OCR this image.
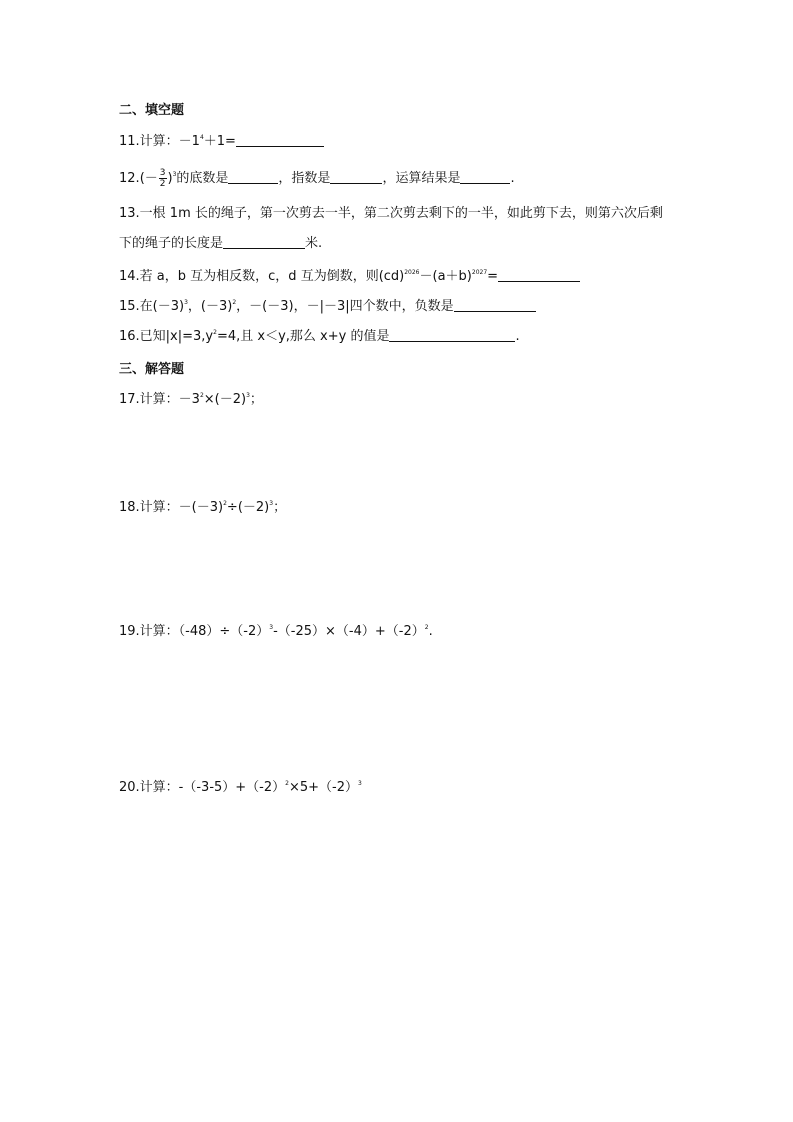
二、填空题
11.计算：$-1^4+1=$
$12.(- \frac{3}{2} )^3$的底数是	，指数是	，运算结果是	.
13.一根 1m 长的绳子，第一次剪去一半，第二次剪去剩下的一半，如此剪下去，则第六次后剩
下的绳子的长度是	米.
14.若 a，b 互为相反数，c，d 互为倒数，则$(cd)^{2026}-(a+b)^{2027}=$
15.在$(-3)^3$，$(-3)^2$，－(－3)，－|－3|四个数中，负数是
16.已知$|x|=3,y^2=4$,且 x＜y,那么 x+y 的值是	.
三、解答题
17.计算：$-3^2\times(-2)^3$；
18.计算：$-(-3)^2\div(-2)^3$；
19.计算：$(-48)\div(-2)^3-(-25)\times(-4)+(-2)^2$.
20.计算：$-(-3-5)+(-2)^2\times 5+(-2)^3$
